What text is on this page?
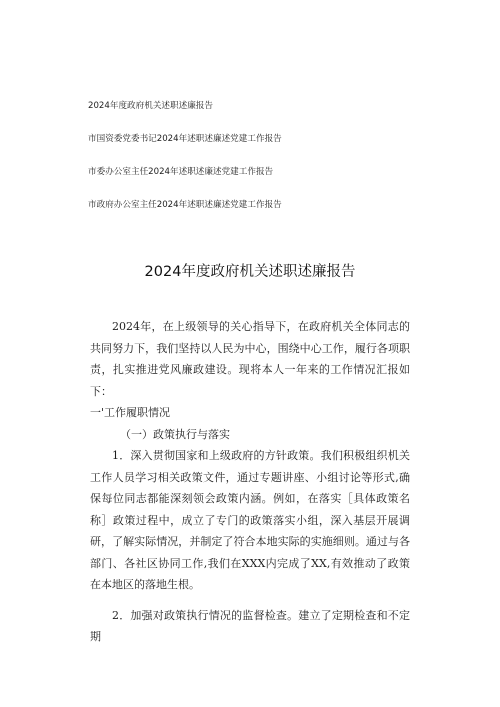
2024年度政府机关述职述廉报告
市国资委党委书记2024年述职述廉述党建工作报告
市委办公室主任2024年述职述廉述党建工作报告
市政府办公室主任2024年述职述廉述党建工作报告
2024年度政府机关述职述廉报告

2024年，在上级领导的关心指导下，在政府机关全体同志的共同努力下，我们坚持以人民为中心，围绕中心工作，履行各项职责，扎实推进党风廉政建设。现将本人一年来的工作情况汇报如下：

一'工作履职情况

（一）政策执行与落实

1．深入贯彻国家和上级政府的方针政策。我们积极组织机关工作人员学习相关政策文件，通过专题讲座、小组讨论等形式,确保每位同志都能深刻领会政策内涵。例如，在落实［具体政策名称］政策过程中，成立了专门的政策落实小组，深入基层开展调研，了解实际情况，并制定了符合本地实际的实施细则。通过与各部门、各社区协同工作,我们在XXX内完成了XX,有效推动了政策在本地区的落地生根。

2．加强对政策执行情况的监督检查。建立了定期检查和不定期
